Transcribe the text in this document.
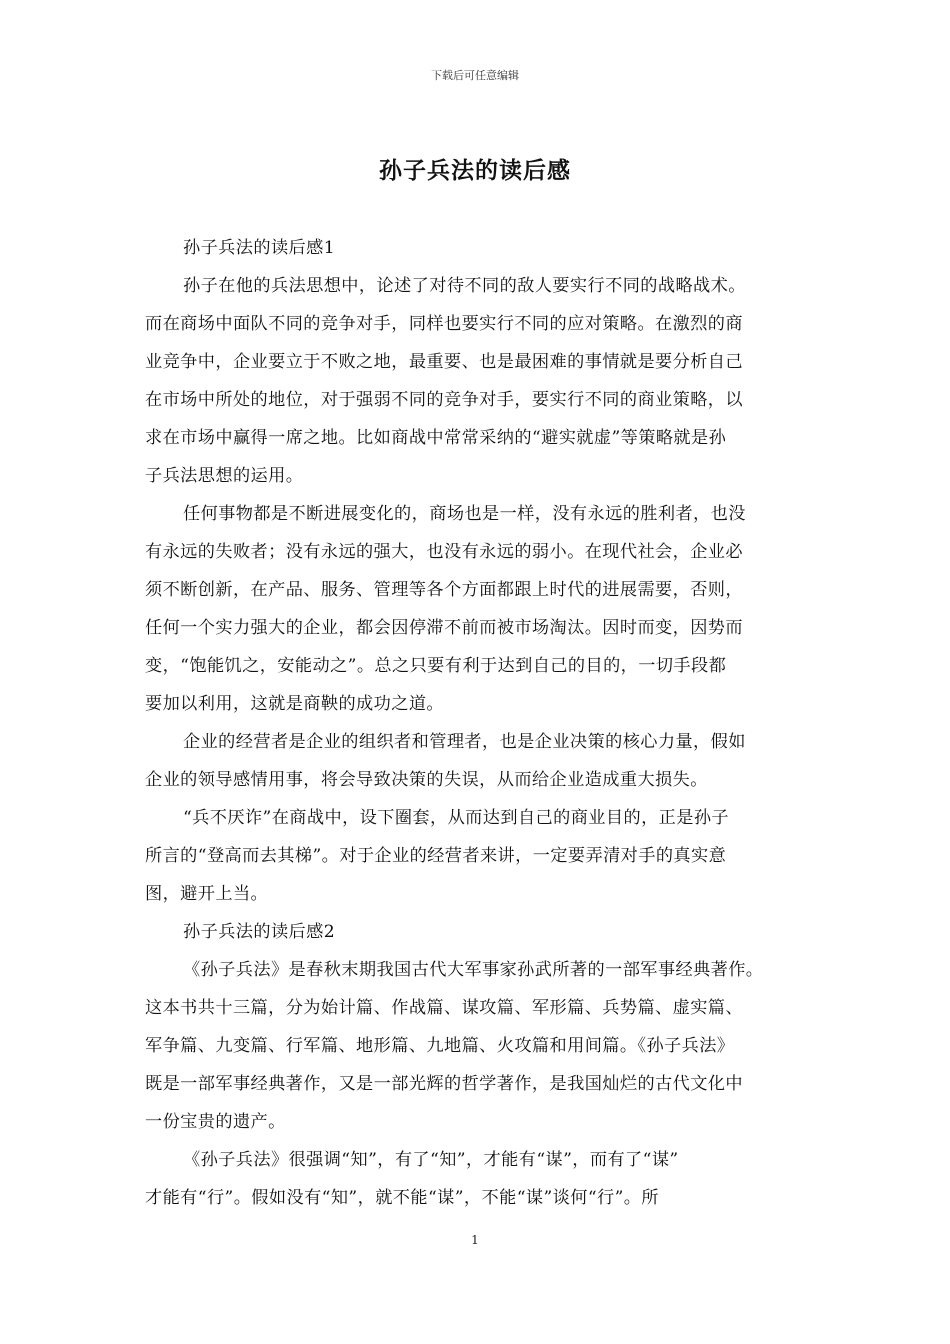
下载后可任意编辑
孙子兵法的读后感
孙子兵法的读后感1
孙子在他的兵法思想中，论述了对待不同的敌人要实行不同的战略战术。
而在商场中面队不同的竞争对手，同样也要实行不同的应对策略。在激烈的商
业竞争中，企业要立于不败之地，最重要、也是最困难的事情就是要分析自己
在市场中所处的地位，对于强弱不同的竞争对手，要实行不同的商业策略，以
求在市场中赢得一席之地。比如商战中常常采纳的“避实就虚”等策略就是孙
子兵法思想的运用。
任何事物都是不断进展变化的，商场也是一样，没有永远的胜利者，也没
有永远的失败者；没有永远的强大，也没有永远的弱小。在现代社会，企业必
须不断创新，在产品、服务、管理等各个方面都跟上时代的进展需要，否则，
任何一个实力强大的企业，都会因停滞不前而被市场淘汰。因时而变，因势而
变，“饱能饥之，安能动之”。总之只要有利于达到自己的目的，一切手段都
要加以利用，这就是商鞅的成功之道。
企业的经营者是企业的组织者和管理者，也是企业决策的核心力量，假如
企业的领导感情用事，将会导致决策的失误，从而给企业造成重大损失。
“兵不厌诈”在商战中，设下圈套，从而达到自己的商业目的，正是孙子
所言的“登高而去其梯”。对于企业的经营者来讲，一定要弄清对手的真实意
图，避开上当。
孙子兵法的读后感2
《孙子兵法》是春秋末期我国古代大军事家孙武所著的一部军事经典著作。
这本书共十三篇，分为始计篇、作战篇、谋攻篇、军形篇、兵势篇、虚实篇、
军争篇、九变篇、行军篇、地形篇、九地篇、火攻篇和用间篇。《孙子兵法》
既是一部军事经典著作，又是一部光辉的哲学著作，是我国灿烂的古代文化中
一份宝贵的遗产。
《孙子兵法》很强调“知”，有了“知”，才能有“谋”，而有了“谋”
才能有“行”。假如没有“知”，就不能“谋”，不能“谋”谈何“行”。所
1
